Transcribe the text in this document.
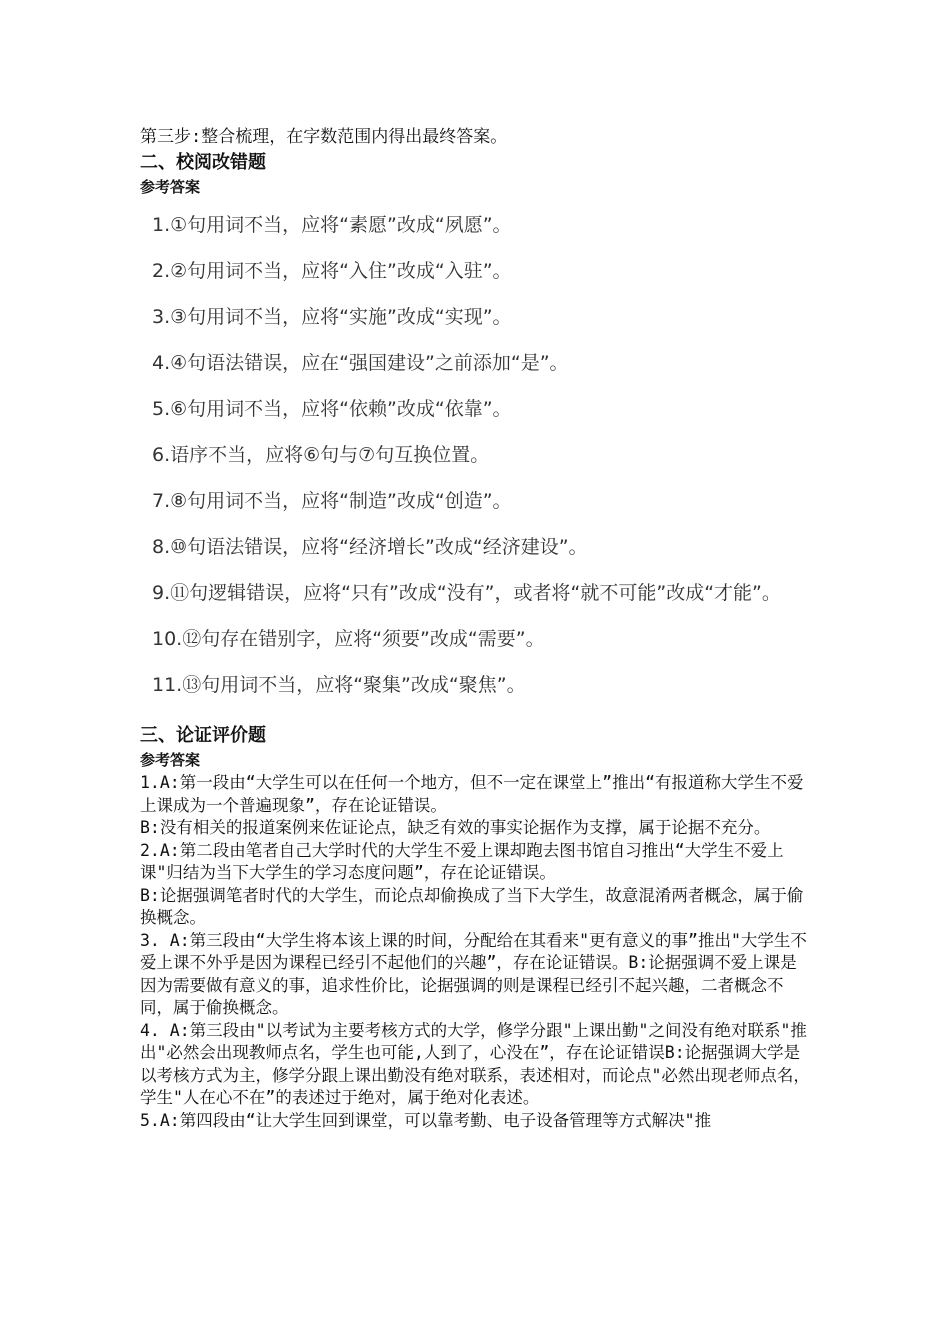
第三步:整合梳理，在字数范围内得出最终答案。
二、校阅改错题
参考答案
1.①句用词不当，应将“素愿”改成“夙愿”。
2.②句用词不当，应将“入住”改成“入驻”。
3.③句用词不当，应将“实施”改成“实现”。
4.④句语法错误，应在“强国建设”之前添加“是”。
5.⑥句用词不当，应将“依赖”改成“依靠”。
6.语序不当，应将⑥句与⑦句互换位置。
7.⑧句用词不当，应将“制造”改成“创造”。
8.⑩句语法错误，应将“经济增长”改成“经济建设”。
9.⑪句逻辑错误，应将“只有”改成“没有”，或者将“就不可能”改成“才能”。
10.⑫句存在错别字，应将“须要”改成“需要”。
11.⑬句用词不当，应将“聚集”改成“聚焦”。
三、论证评价题
参考答案

1.A:第一段由“大学生可以在任何一个地方，但不一定在课堂上”推出“有报道称大学生不爱上课成为一个普遍现象”，存在论证错误。

B:没有相关的报道案例来佐证论点，缺乏有效的事实论据作为支撑，属于论据不充分。

2.A:第二段由笔者自己大学时代的大学生不爱上课却跑去图书馆自习推出“大学生不爱上课"归结为当下大学生的学习态度问题”，存在论证错误。

B:论据强调笔者时代的大学生，而论点却偷换成了当下大学生，故意混淆两者概念，属于偷换概念。

3. A:第三段由“大学生将本该上课的时间，分配给在其看来"更有意义的事”推出"大学生不爱上课不外乎是因为课程已经引不起他们的兴趣”，存在论证错误。B:论据强调不爱上课是因为需要做有意义的事，追求性价比，论据强调的则是课程已经引不起兴趣，二者概念不同，属于偷换概念。

4. A:第三段由"以考试为主要考核方式的大学，修学分跟"上课出勤"之间没有绝对联系"推出"必然会出现教师点名，学生也可能,人到了，心没在”，存在论证错误B:论据强调大学是以考核方式为主，修学分跟上课出勤没有绝对联系，表述相对，而论点"必然出现老师点名，学生"人在心不在”的表述过于绝对，属于绝对化表述。

5.A:第四段由“让大学生回到课堂，可以靠考勤、电子设备管理等方式解决"推
